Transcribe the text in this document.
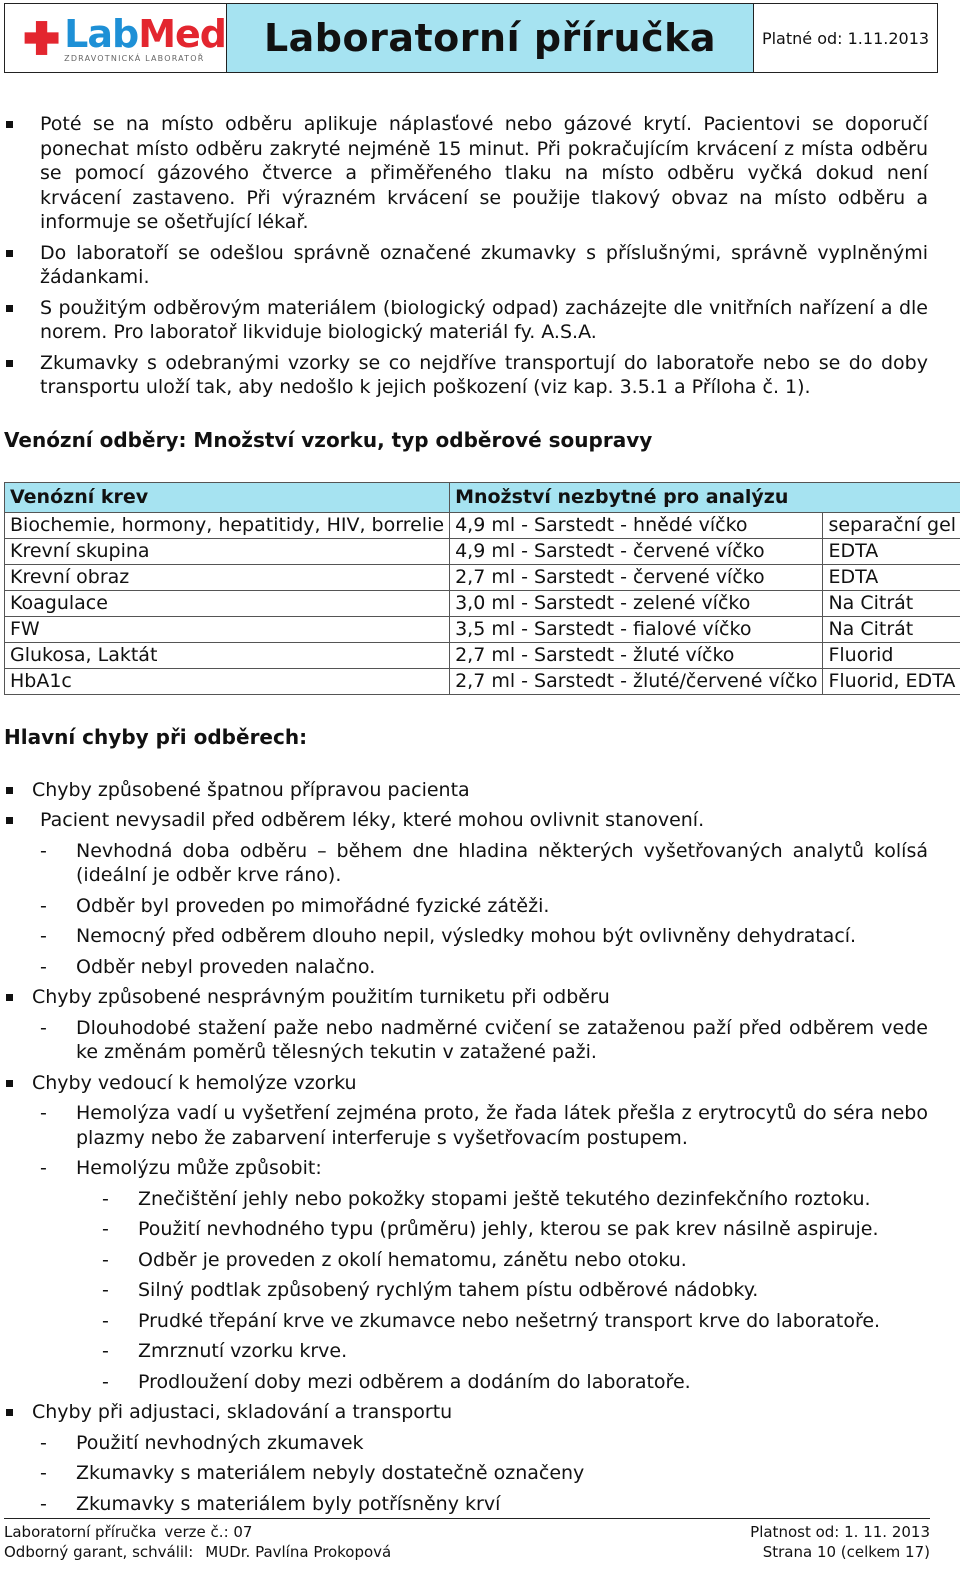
LabMed
ZDRAVOTNICKÁ LABORATOŘ	Laboratorní příručka	Platné od: 1.11.2013
Poté se na místo odběru aplikuje náplasťové nebo gázové krytí. Pacientovi se doporučí ponechat místo odběru zakryté nejméně 15 minut. Při pokračujícím krvácení z místa odběru se pomocí gázového čtverce a přiměřeného tlaku na místo odběru vyčká dokud není krvácení zastaveno. Při výrazném krvácení se použije tlakový obvaz na místo odběru a informuje se ošetřující lékař.
Do laboratoří se odešlou správně označené zkumavky s příslušnými, správně vyplněnými žádankami.
S použitým odběrovým materiálem (biologický odpad) zacházejte dle vnitřních nařízení a dle norem. Pro laboratoř likviduje biologický materiál fy. A.S.A.
Zkumavky s odebranými vzorky se co nejdříve transportují do laboratoře nebo se do doby transportu uloží tak, aby nedošlo k jejich poškození (viz kap. 3.5.1 a Příloha č. 1).
Venózní odběry: Množství vzorku, typ odběrové soupravy
Venózní krev	Množství nezbytné pro analýzu	
Biochemie, hormony, hepatitidy, HIV, borrelie	4,9 ml - Sarstedt - hnědé víčko	separační gel
Krevní skupina	4,9 ml - Sarstedt - červené víčko	EDTA
Krevní obraz	2,7 ml - Sarstedt - červené víčko	EDTA
Koagulace	3,0 ml - Sarstedt - zelené víčko	Na Citrát
FW	3,5 ml - Sarstedt - fialové víčko	Na Citrát
Glukosa, Laktát	2,7 ml - Sarstedt - žluté víčko	Fluorid
HbA1c	2,7 ml - Sarstedt - žluté/červené víčko	Fluorid, EDTA
Hlavní chyby při odběrech:
Chyby způsobené špatnou přípravou pacienta
Pacient nevysadil před odběrem léky, které mohou ovlivnit stanovení.
- Nevhodná doba odběru – během dne hladina některých vyšetřovaných analytů kolísá (ideální je odběr krve ráno).
- Odběr byl proveden po mimořádné fyzické zátěži.
- Nemocný před odběrem dlouho nepil, výsledky mohou být ovlivněny dehydratací.
- Odběr nebyl proveden nalačno.
Chyby způsobené nesprávným použitím turniketu při odběru
- Dlouhodobé stažení paže nebo nadměrné cvičení se zataženou paží před odběrem vede ke změnám poměrů tělesných tekutin v zatažené paži.
Chyby vedoucí k hemolýze vzorku
- Hemolýza vadí u vyšetření zejména proto, že řada látek přešla z erytrocytů do séra nebo plazmy nebo že zabarvení interferuje s vyšetřovacím postupem.
- Hemolýzu může způsobit:
- Znečištění jehly nebo pokožky stopami ještě tekutého dezinfekčního roztoku.
- Použití nevhodného typu (průměru) jehly, kterou se pak krev násilně aspiruje.
- Odběr je proveden z okolí hematomu, zánětu nebo otoku.
- Silný podtlak způsobený rychlým tahem pístu odběrové nádobky.
- Prudké třepání krve ve zkumavce nebo nešetrný transport krve do laboratoře.
- Zmrznutí vzorku krve.
- Prodloužení doby mezi odběrem a dodáním do laboratoře.
Chyby při adjustaci, skladování a transportu
- Použití nevhodných zkumavek
- Zkumavky s materiálem nebyly dostatečně označeny
- Zkumavky s materiálem byly potřísněny krví
Laboratorní příručka verze č.: 07	Platnost od: 1. 11. 2013
Odborný garant, schválil: MUDr. Pavlína Prokopová	Strana 10 (celkem 17)
